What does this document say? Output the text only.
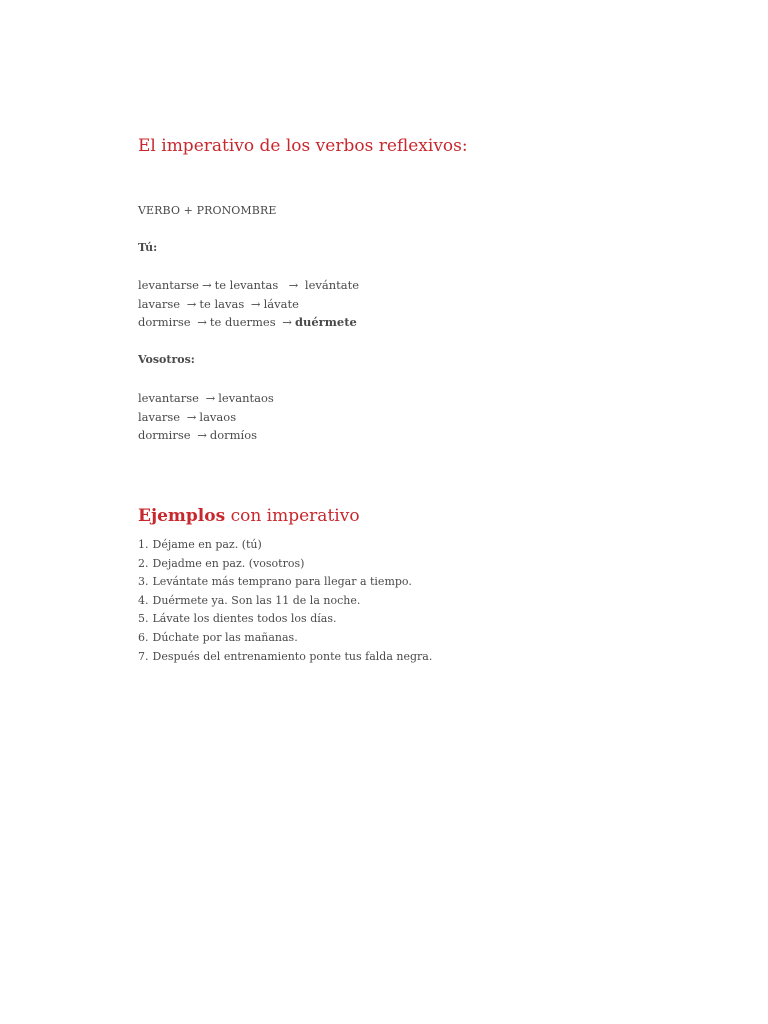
El imperativo de los verbos reflexivos:
VERBO + PRONOMBRE
Tú:
levantarse → te levantas → levántate
lavarse → te lavas → lávate
dormirse → te duermes → duérmete
Vosotros:
levantarse → levantaos
lavarse → lavaos
dormirse → dormíos
Ejemplos con imperativo
1. Déjame en paz. (tú)
2. Dejadme en paz. (vosotros)
3. Levántate más temprano para llegar a tiempo.
4. Duérmete ya. Son las 11 de la noche.
5. Lávate los dientes todos los días.
6. Dúchate por las mañanas.
7. Después del entrenamiento ponte tus falda negra.
